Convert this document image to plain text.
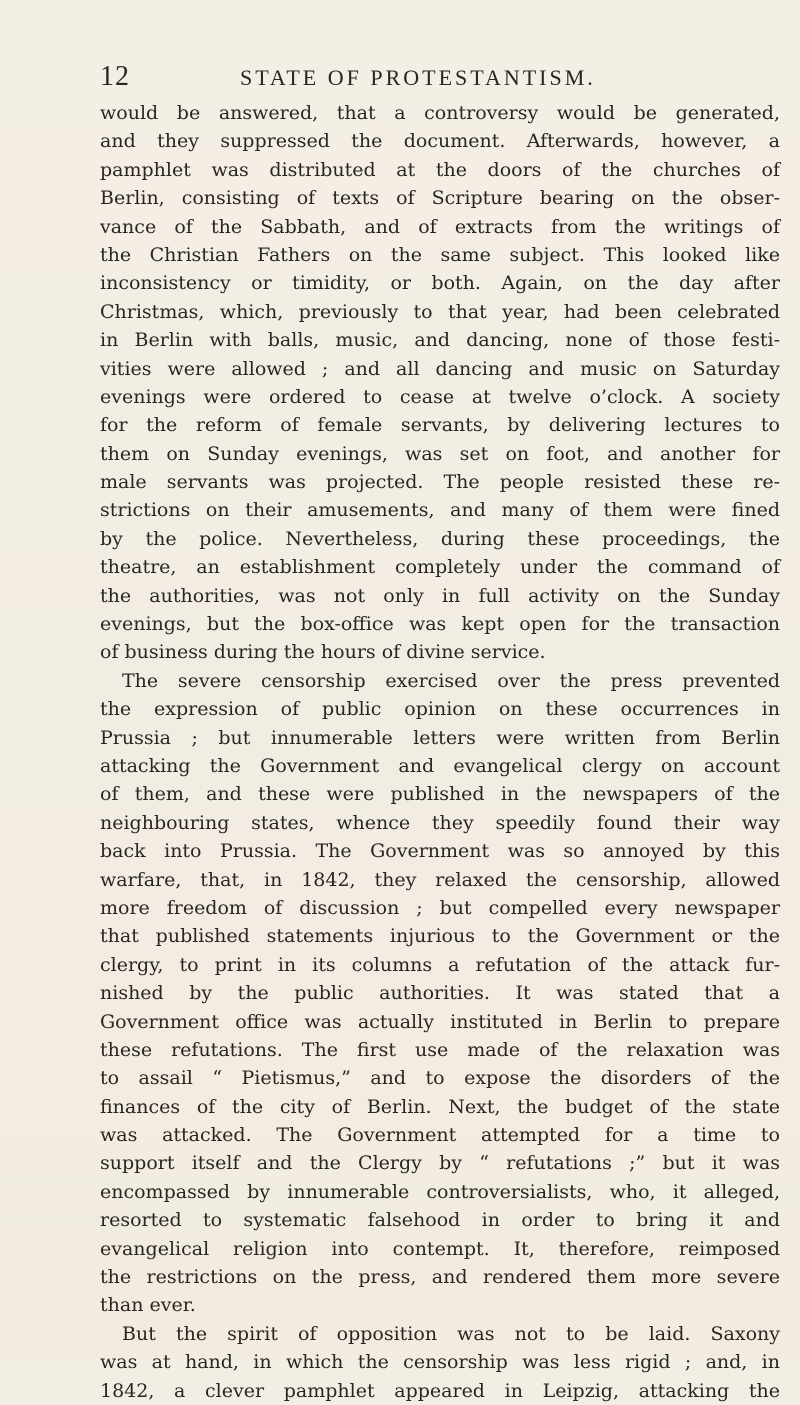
12	STATE OF PROTESTANTISM.
would be answered, that a controversy would be generated,
and they suppressed the document. Afterwards, however, a
pamphlet was distributed at the doors of the churches of
Berlin, consisting of texts of Scripture bearing on the obser-
vance of the Sabbath, and of extracts from the writings of
the Christian Fathers on the same subject. This looked like
inconsistency or timidity, or both. Again, on the day after
Christmas, which, previously to that year, had been celebrated
in Berlin with balls, music, and dancing, none of those festi-
vities were allowed ; and all dancing and music on Saturday
evenings were ordered to cease at twelve o’clock. A society
for the reform of female servants, by delivering lectures to
them on Sunday evenings, was set on foot, and another for
male servants was projected. The people resisted these re-
strictions on their amusements, and many of them were fined
by the police. Nevertheless, during these proceedings, the
theatre, an establishment completely under the command of
the authorities, was not only in full activity on the Sunday
evenings, but the box-office was kept open for the transaction
of business during the hours of divine service.
The severe censorship exercised over the press prevented
the expression of public opinion on these occurrences in
Prussia ; but innumerable letters were written from Berlin
attacking the Government and evangelical clergy on account
of them, and these were published in the newspapers of the
neighbouring states, whence they speedily found their way
back into Prussia. The Government was so annoyed by this
warfare, that, in 1842, they relaxed the censorship, allowed
more freedom of discussion ; but compelled every newspaper
that published statements injurious to the Government or the
clergy, to print in its columns a refutation of the attack fur-
nished by the public authorities. It was stated that a
Government office was actually instituted in Berlin to prepare
these refutations. The first use made of the relaxation was
to assail “ Pietismus,” and to expose the disorders of the
finances of the city of Berlin. Next, the budget of the state
was attacked. The Government attempted for a time to
support itself and the Clergy by “ refutations ;” but it was
encompassed by innumerable controversialists, who, it alleged,
resorted to systematic falsehood in order to bring it and
evangelical religion into contempt. It, therefore, reimposed
the restrictions on the press, and rendered them more severe
than ever.
But the spirit of opposition was not to be laid. Saxony
was at hand, in which the censorship was less rigid ; and, in
1842, a clever pamphlet appeared in Leipzig, attacking the
